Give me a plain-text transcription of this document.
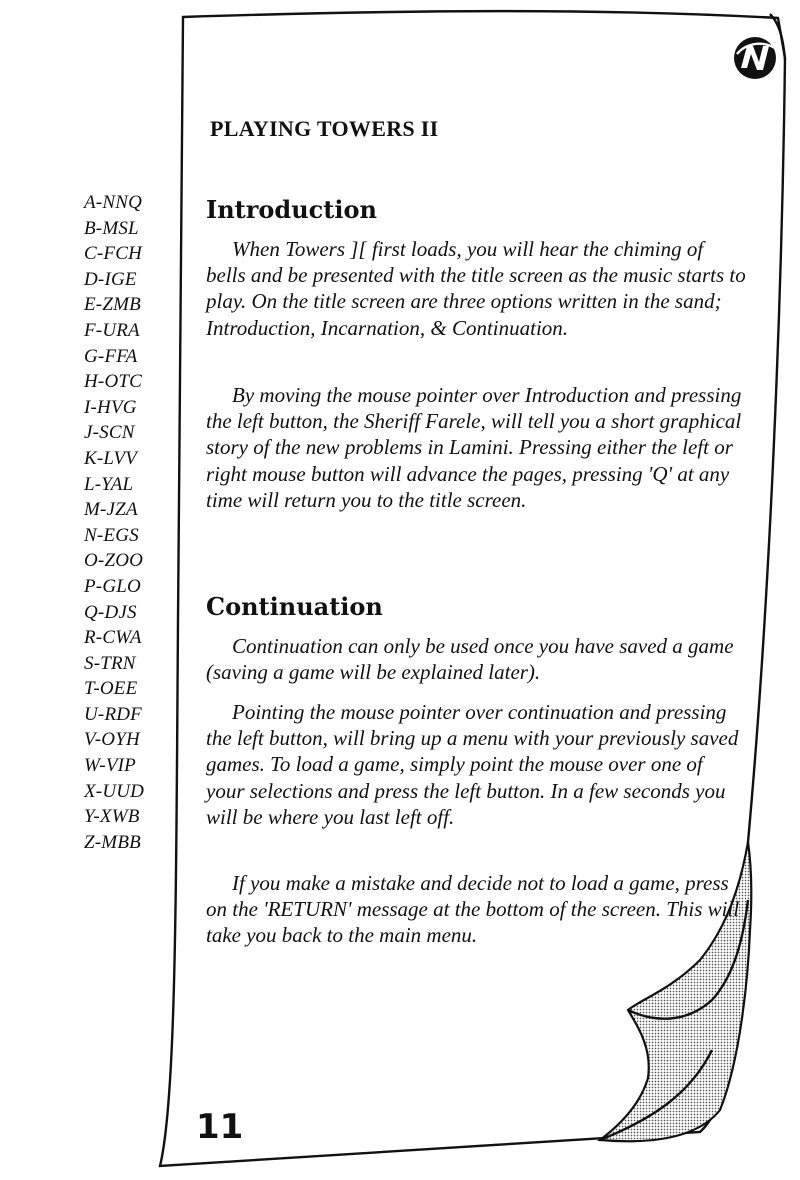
A-NNQ
B-MSL
C-FCH
D-IGE
E-ZMB
F-URA
G-FFA
H-OTC
I-HVG
J-SCN
K-LVV
L-YAL
M-JZA
N-EGS
O-ZOO
P-GLO
Q-DJS
R-CWA
S-TRN
T-OEE
U-RDF
V-OYH
W-VIP
X-UUD
Y-XWB
Z-MBB
PLAYING TOWERS II
Introduction

When Towers ][ first loads, you will hear the chiming of bells and be presented with the title screen as the music starts to play. On the title screen are three options written in the sand; Introduction, Incarnation, & Continuation.

By moving the mouse pointer over Introduction and pressing the left button, the Sheriff Farele, will tell you a short graphical story of the new problems in Lamini. Pressing either the left or right mouse button will advance the pages, pressing 'Q' at any time will return you to the title screen.

Continuation

Continuation can only be used once you have saved a game (saving a game will be explained later).

Pointing the mouse pointer over continuation and pressing the left button, will bring up a menu with your previously saved games. To load a game, simply point the mouse over one of your selections and press the left button. In a few seconds you will be where you last left off.

If you make a mistake and decide not to load a game, press on the 'RETURN' message at the bottom of the screen. This will take you back to the main menu.

11
